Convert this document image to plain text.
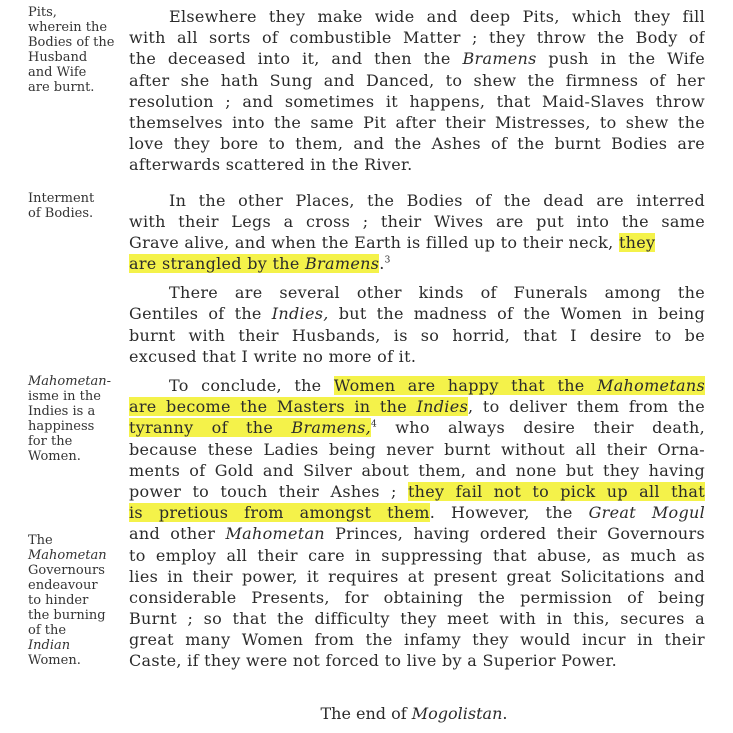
Pits,
wherein the
Bodies of the
Husband
and Wife
are burnt.
Interment
of Bodies.
Mahometan-
isme in the
Indies is a
happiness
for the
Women.
The
Mahometan
Governours
endeavour
to hinder
the burning
of the
Indian
Women.
Elsewhere they make wide and deep Pits, which they fill
with all sorts of combustible Matter ; they throw the Body of
the deceased into it, and then the Bramens push in the Wife
after she hath Sung and Danced, to shew the firmness of her
resolution ; and sometimes it happens, that Maid-Slaves throw
themselves into the same Pit after their Mistresses, to shew the
love they bore to them, and the Ashes of the burnt Bodies are
afterwards scattered in the River.
In the other Places, the Bodies of the dead are interred
with their Legs a cross ; their Wives are put into the same
Grave alive, and when the Earth is filled up to their neck, they
are strangled by the Bramens.$^3$
There are several other kinds of Funerals among the
Gentiles of the Indies, but the madness of the Women in being
burnt with their Husbands, is so horrid, that I desire to be
excused that I write no more of it.
To conclude, the Women are happy that the Mahometans
are become the Masters in the Indies, to deliver them from the
tyranny of the Bramens,$^4$ who always desire their death,
because these Ladies being never burnt without all their Orna-
ments of Gold and Silver about them, and none but they having
power to touch their Ashes ; they fail not to pick up all that
is pretious from amongst them. However, the Great Mogul
and other Mahometan Princes, having ordered their Governours
to employ all their care in suppressing that abuse, as much as
lies in their power, it requires at present great Solicitations and
considerable Presents, for obtaining the permission of being
Burnt ; so that the difficulty they meet with in this, secures a
great many Women from the infamy they would incur in their
Caste, if they were not forced to live by a Superior Power.
The end of Mogolistan.
